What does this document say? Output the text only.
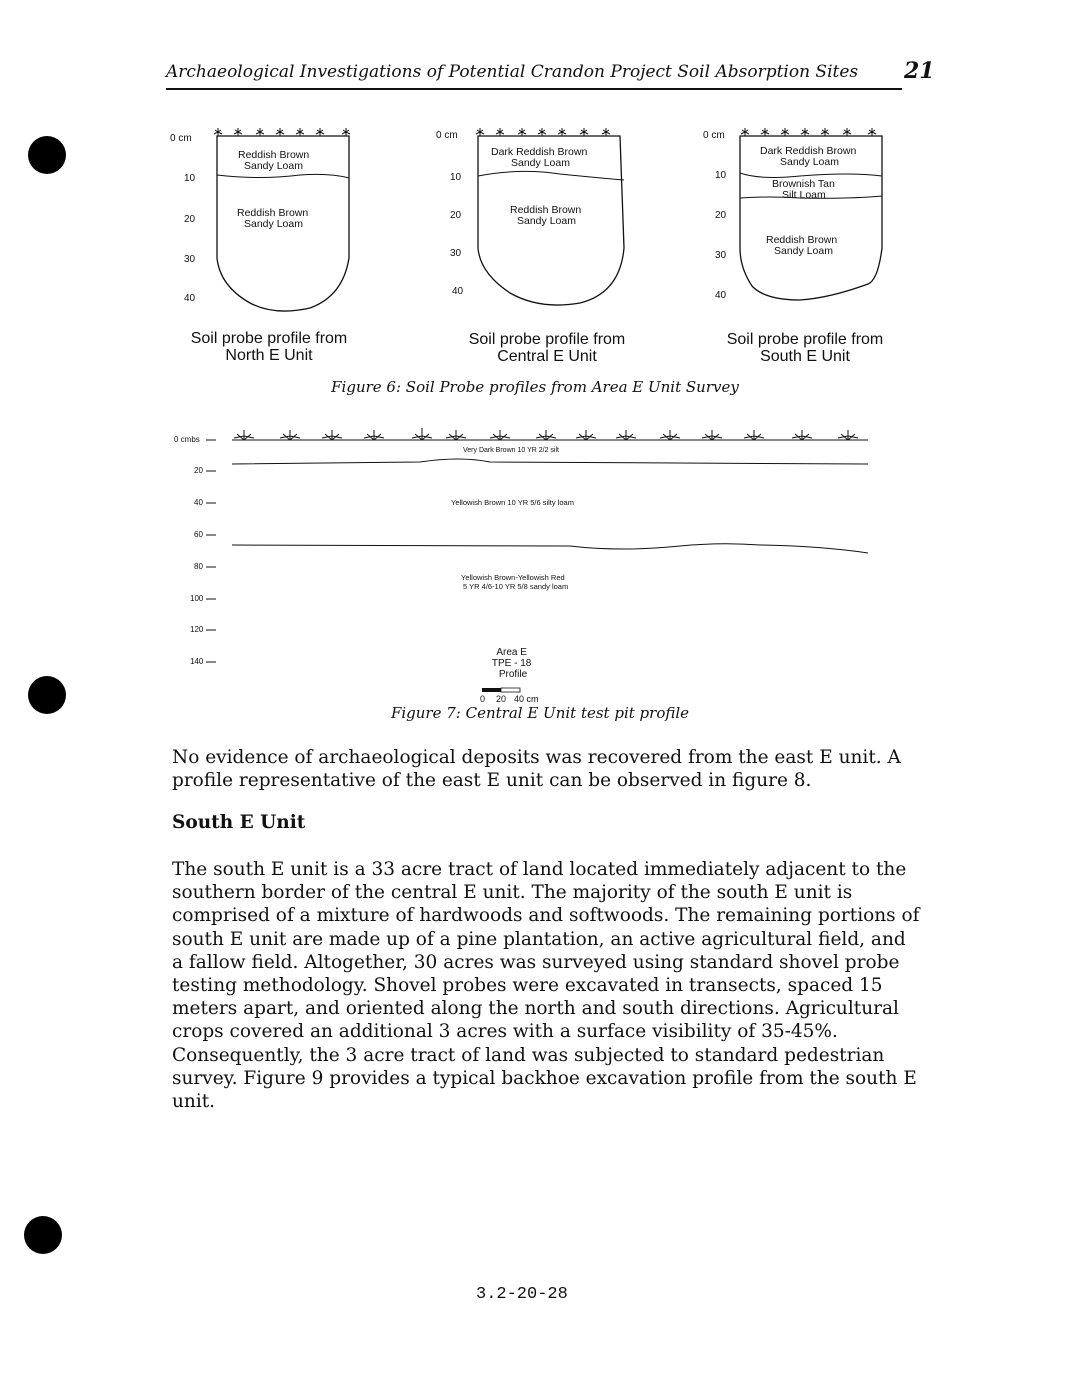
Archaeological Investigations of Potential Crandon Project Soil Absorption Sites 21
0 cm
10
20
30
40
Reddish Brown Sandy Loam
Reddish Brown Sandy Loam
0 cm
10
20
30
40
Dark Reddish Brown Sandy Loam
Reddish Brown Sandy Loam
0 cm
10
20
30
40
Dark Reddish Brown Sandy Loam
Brownish Tan Silt Loam
Reddish Brown Sandy Loam
Soil probe profile from
North E Unit
Soil probe profile from
Central E Unit
Soil probe profile from
South E Unit
Figure 6: Soil Probe profiles from Area E Unit Survey
0 cmbs
20
40
60
80
100
120
140
Very Dark Brown 10 YR 2/2 silt
Yellowish Brown 10 YR 5/6 silty loam
Yellowish Brown-Yellowish Red 5 YR 4/6-10 YR 5/8 sandy loam
Area E TPE - 18 Profile
0 20 40 cm
Figure 7: Central E Unit test pit profile
No evidence of archaeological deposits was recovered from the east E unit. A profile representative of the east E unit can be observed in figure 8.
South E Unit
The south E unit is a 33 acre tract of land located immediately adjacent to the southern border of the central E unit. The majority of the south E unit is comprised of a mixture of hardwoods and softwoods. The remaining portions of south E unit are made up of a pine plantation, an active agricultural field, and a fallow field. Altogether, 30 acres was surveyed using standard shovel probe testing methodology. Shovel probes were excavated in transects, spaced 15 meters apart, and oriented along the north and south directions. Agricultural crops covered an additional 3 acres with a surface visibility of 35-45%. Consequently, the 3 acre tract of land was subjected to standard pedestrian survey. Figure 9 provides a typical backhoe excavation profile from the south E unit.
3.2-20-28
